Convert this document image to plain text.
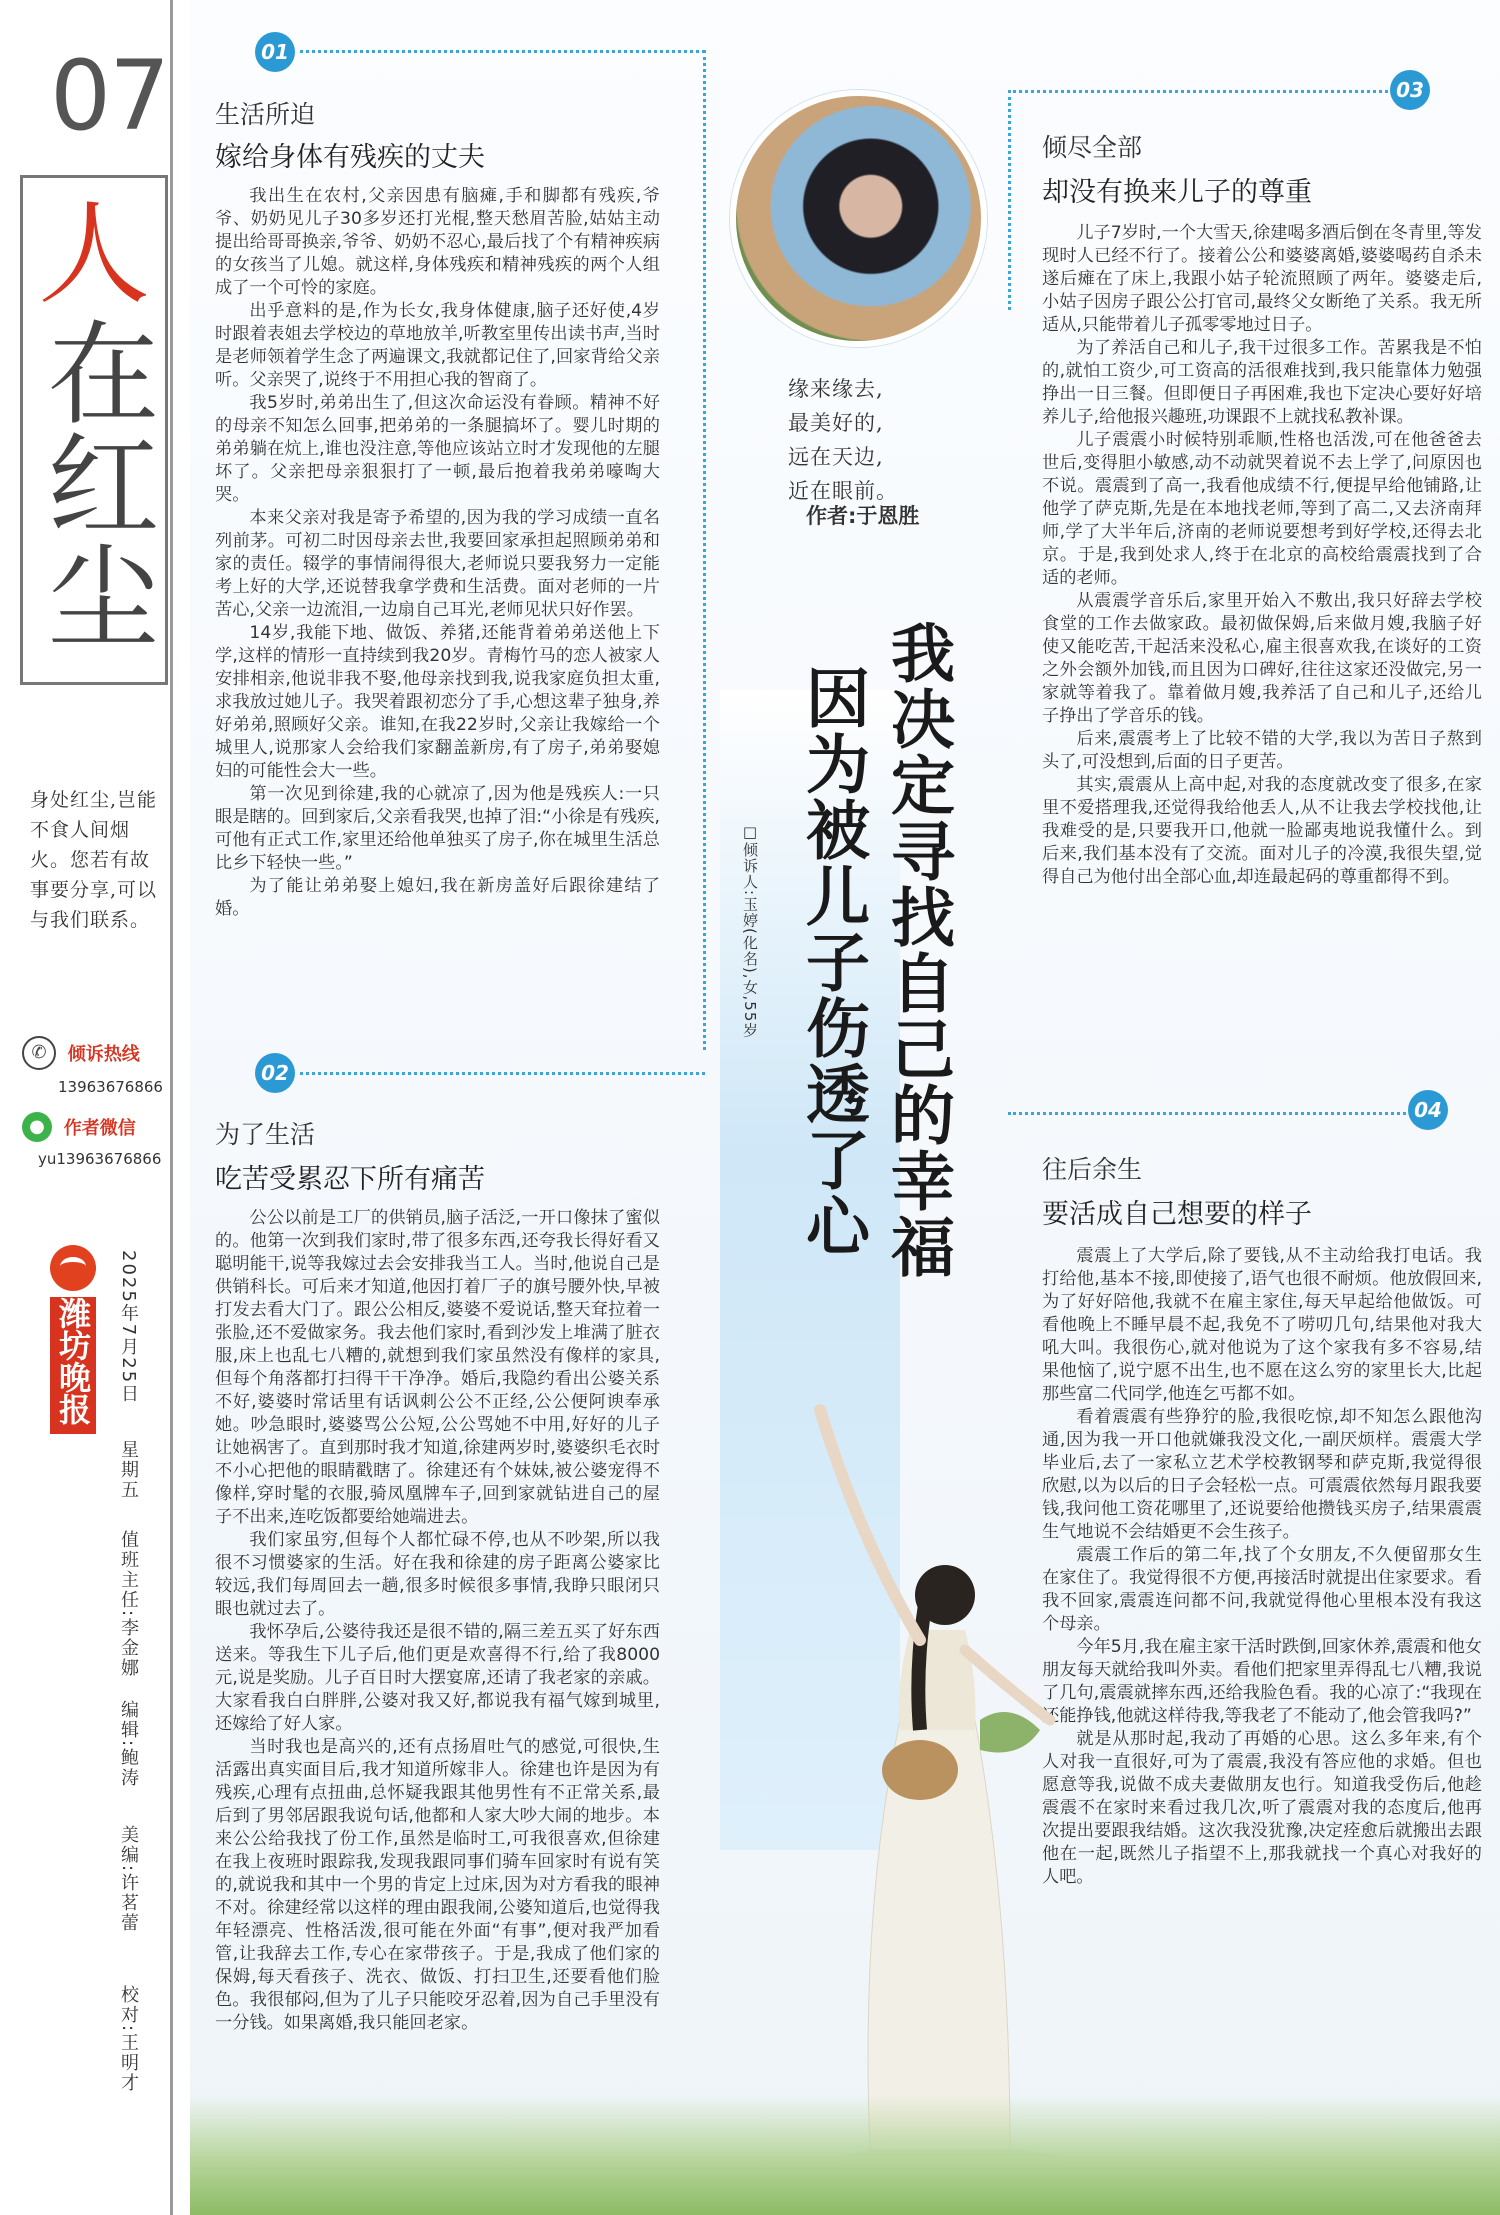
07
人
在红尘
身处红尘,岂能不食人间烟火。您若有故事要分享,可以与我们联系。
✆ 倾诉热线
13963676866
● 作者微信
yu13963676866
潍坊晚报 2025年7月25日
星期五
值班主任:李金娜
编辑:鲍涛
美编:许茗蕾
校对:王明才
01
生活所迫
嫁给身体有残疾的丈夫

我出生在农村,父亲因患有脑瘫,手和脚都有残疾,爷爷、奶奶见儿子30多岁还打光棍,整天愁眉苦脸,姑姑主动提出给哥哥换亲,爷爷、奶奶不忍心,最后找了个有精神疾病的女孩当了儿媳。就这样,身体残疾和精神残疾的两个人组成了一个可怜的家庭。

出乎意料的是,作为长女,我身体健康,脑子还好使,4岁时跟着表姐去学校边的草地放羊,听教室里传出读书声,当时是老师领着学生念了两遍课文,我就都记住了,回家背给父亲听。父亲哭了,说终于不用担心我的智商了。

我5岁时,弟弟出生了,但这次命运没有眷顾。精神不好的母亲不知怎么回事,把弟弟的一条腿搞坏了。婴儿时期的弟弟躺在炕上,谁也没注意,等他应该站立时才发现他的左腿坏了。父亲把母亲狠狠打了一顿,最后抱着我弟弟嚎啕大哭。

本来父亲对我是寄予希望的,因为我的学习成绩一直名列前茅。可初二时因母亲去世,我要回家承担起照顾弟弟和家的责任。辍学的事情闹得很大,老师说只要我努力一定能考上好的大学,还说替我拿学费和生活费。面对老师的一片苦心,父亲一边流泪,一边扇自己耳光,老师见状只好作罢。

14岁,我能下地、做饭、养猪,还能背着弟弟送他上下学,这样的情形一直持续到我20岁。青梅竹马的恋人被家人安排相亲,他说非我不娶,他母亲找到我,说我家庭负担太重,求我放过她儿子。我哭着跟初恋分了手,心想这辈子独身,养好弟弟,照顾好父亲。谁知,在我22岁时,父亲让我嫁给一个城里人,说那家人会给我们家翻盖新房,有了房子,弟弟娶媳妇的可能性会大一些。

第一次见到徐建,我的心就凉了,因为他是残疾人:一只眼是瞎的。回到家后,父亲看我哭,也掉了泪:“小徐是有残疾,可他有正式工作,家里还给他单独买了房子,你在城里生活总比乡下轻快一些。”

为了能让弟弟娶上媳妇,我在新房盖好后跟徐建结了婚。

02
为了生活
吃苦受累忍下所有痛苦

公公以前是工厂的供销员,脑子活泛,一开口像抹了蜜似的。他第一次到我们家时,带了很多东西,还夸我长得好看又聪明能干,说等我嫁过去会安排我当工人。当时,他说自己是供销科长。可后来才知道,他因打着厂子的旗号腰外快,早被打发去看大门了。跟公公相反,婆婆不爱说话,整天耷拉着一张脸,还不爱做家务。我去他们家时,看到沙发上堆满了脏衣服,床上也乱七八糟的,就想到我们家虽然没有像样的家具,但每个角落都打扫得干干净净。婚后,我隐约看出公婆关系不好,婆婆时常话里有话讽刺公公不正经,公公便阿谀奉承她。吵急眼时,婆婆骂公公短,公公骂她不中用,好好的儿子让她祸害了。直到那时我才知道,徐建两岁时,婆婆织毛衣时不小心把他的眼睛戳瞎了。徐建还有个妹妹,被公婆宠得不像样,穿时髦的衣服,骑凤凰牌车子,回到家就钻进自己的屋子不出来,连吃饭都要给她端进去。

我们家虽穷,但每个人都忙碌不停,也从不吵架,所以我很不习惯婆家的生活。好在我和徐建的房子距离公婆家比较远,我们每周回去一趟,很多时候很多事情,我睁只眼闭只眼也就过去了。

我怀孕后,公婆待我还是很不错的,隔三差五买了好东西送来。等我生下儿子后,他们更是欢喜得不行,给了我8000元,说是奖励。儿子百日时大摆宴席,还请了我老家的亲戚。大家看我白白胖胖,公婆对我又好,都说我有福气嫁到城里,还嫁给了好人家。

当时我也是高兴的,还有点扬眉吐气的感觉,可很快,生活露出真实面目后,我才知道所嫁非人。徐建也许是因为有残疾,心理有点扭曲,总怀疑我跟其他男性有不正常关系,最后到了男邻居跟我说句话,他都和人家大吵大闹的地步。本来公公给我找了份工作,虽然是临时工,可我很喜欢,但徐建在我上夜班时跟踪我,发现我跟同事们骑车回家时有说有笑的,就说我和其中一个男的肯定上过床,因为对方看我的眼神不对。徐建经常以这样的理由跟我闹,公婆知道后,也觉得我年轻漂亮、性格活泼,很可能在外面“有事”,便对我严加看管,让我辞去工作,专心在家带孩子。于是,我成了他们家的保姆,每天看孩子、洗衣、做饭、打扫卫生,还要看他们脸色。我很郁闷,但为了儿子只能咬牙忍着,因为自己手里没有一分钱。如果离婚,我只能回老家。

缘来缘去,
最美好的,
远在天边,
近在眼前。
作者:于恩胜
我决定寻找自己的幸福
因为被儿子伤透了心
□倾诉人:玉婷(化名),女,55岁
03
倾尽全部
却没有换来儿子的尊重

儿子7岁时,一个大雪天,徐建喝多酒后倒在冬青里,等发现时人已经不行了。接着公公和婆婆离婚,婆婆喝药自杀未遂后瘫在了床上,我跟小姑子轮流照顾了两年。婆婆走后,小姑子因房子跟公公打官司,最终父女断绝了关系。我无所适从,只能带着儿子孤零零地过日子。

为了养活自己和儿子,我干过很多工作。苦累我是不怕的,就怕工资少,可工资高的活很难找到,我只能靠体力勉强挣出一日三餐。但即便日子再困难,我也下定决心要好好培养儿子,给他报兴趣班,功课跟不上就找私教补课。

儿子震震小时候特别乖顺,性格也活泼,可在他爸爸去世后,变得胆小敏感,动不动就哭着说不去上学了,问原因也不说。震震到了高一,我看他成绩不行,便提早给他铺路,让他学了萨克斯,先是在本地找老师,等到了高二,又去济南拜师,学了大半年后,济南的老师说要想考到好学校,还得去北京。于是,我到处求人,终于在北京的高校给震震找到了合适的老师。

从震震学音乐后,家里开始入不敷出,我只好辞去学校食堂的工作去做家政。最初做保姆,后来做月嫂,我脑子好使又能吃苦,干起活来没私心,雇主很喜欢我,在谈好的工资之外会额外加钱,而且因为口碑好,往往这家还没做完,另一家就等着我了。靠着做月嫂,我养活了自己和儿子,还给儿子挣出了学音乐的钱。

后来,震震考上了比较不错的大学,我以为苦日子熬到头了,可没想到,后面的日子更苦。

其实,震震从上高中起,对我的态度就改变了很多,在家里不爱搭理我,还觉得我给他丢人,从不让我去学校找他,让我难受的是,只要我开口,他就一脸鄙夷地说我懂什么。到后来,我们基本没有了交流。面对儿子的冷漠,我很失望,觉得自己为他付出全部心血,却连最起码的尊重都得不到。

04
往后余生
要活成自己想要的样子

震震上了大学后,除了要钱,从不主动给我打电话。我打给他,基本不接,即使接了,语气也很不耐烦。他放假回来,为了好好陪他,我就不在雇主家住,每天早起给他做饭。可看他晚上不睡早晨不起,我免不了唠叨几句,结果他对我大吼大叫。我很伤心,就对他说为了这个家我有多不容易,结果他恼了,说宁愿不出生,也不愿在这么穷的家里长大,比起那些富二代同学,他连乞丐都不如。

看着震震有些狰狞的脸,我很吃惊,却不知怎么跟他沟通,因为我一开口他就嫌我没文化,一副厌烦样。震震大学毕业后,去了一家私立艺术学校教钢琴和萨克斯,我觉得很欣慰,以为以后的日子会轻松一点。可震震依然每月跟我要钱,我问他工资花哪里了,还说要给他攒钱买房子,结果震震生气地说不会结婚更不会生孩子。

震震工作后的第二年,找了个女朋友,不久便留那女生在家住了。我觉得很不方便,再接活时就提出住家要求。看我不回家,震震连问都不问,我就觉得他心里根本没有我这个母亲。

今年5月,我在雇主家干活时跌倒,回家休养,震震和他女朋友每天就给我叫外卖。看他们把家里弄得乱七八糟,我说了几句,震震就摔东西,还给我脸色看。我的心凉了:“我现在还能挣钱,他就这样待我,等我老了不能动了,他会管我吗?”

就是从那时起,我动了再婚的心思。这么多年来,有个人对我一直很好,可为了震震,我没有答应他的求婚。但也愿意等我,说做不成夫妻做朋友也行。知道我受伤后,他趁震震不在家时来看过我几次,听了震震对我的态度后,他再次提出要跟我结婚。这次我没犹豫,决定痊愈后就搬出去跟他在一起,既然儿子指望不上,那我就找一个真心对我好的人吧。
